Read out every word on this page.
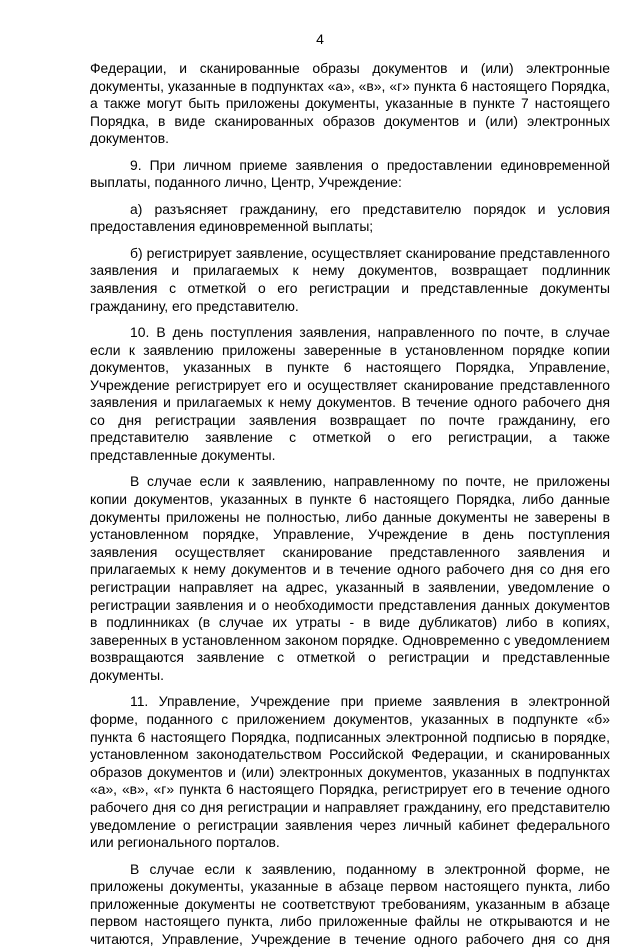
4

Федерации, и сканированные образы документов и (или) электронные документы, указанные в подпунктах «а», «в», «г» пункта 6 настоящего Порядка, а также могут быть приложены документы, указанные в пункте 7 настоящего Порядка, в виде сканированных образов документов и (или) электронных документов.

9. При личном приеме заявления о предоставлении единовременной выплаты, поданного лично, Центр, Учреждение:

а) разъясняет гражданину, его представителю порядок и условия предоставления единовременной выплаты;

б) регистрирует заявление, осуществляет сканирование представленного заявления и прилагаемых к нему документов, возвращает подлинник заявления с отметкой о его регистрации и представленные документы гражданину, его представителю.

10. В день поступления заявления, направленного по почте, в случае если к заявлению приложены заверенные в установленном порядке копии документов, указанных в пункте 6 настоящего Порядка, Управление, Учреждение регистрирует его и осуществляет сканирование представленного заявления и прилагаемых к нему документов. В течение одного рабочего дня со дня регистрации заявления возвращает по почте гражданину, его представителю заявление с отметкой о его регистрации, а также представленные документы.

В случае если к заявлению, направленному по почте, не приложены копии документов, указанных в пункте 6 настоящего Порядка, либо данные документы приложены не полностью, либо данные документы не заверены в установленном порядке, Управление, Учреждение в день поступления заявления осуществляет сканирование представленного заявления и прилагаемых к нему документов и в течение одного рабочего дня со дня его регистрации направляет на адрес, указанный в заявлении, уведомление о регистрации заявления и о необходимости представления данных документов в подлинниках (в случае их утраты - в виде дубликатов) либо в копиях, заверенных в установленном законом порядке. Одновременно с уведомлением возвращаются заявление с отметкой о регистрации и представленные документы.

11. Управление, Учреждение при приеме заявления в электронной форме, поданного с приложением документов, указанных в подпункте «б» пункта 6 настоящего Порядка, подписанных электронной подписью в порядке, установленном законодательством Российской Федерации, и сканированных образов документов и (или) электронных документов, указанных в подпунктах «а», «в», «г» пункта 6 настоящего Порядка, регистрирует его в течение одного рабочего дня со дня регистрации и направляет гражданину, его представителю уведомление о регистрации заявления через личный кабинет федерального или регионального порталов.

В случае если к заявлению, поданному в электронной форме, не приложены документы, указанные в абзаце первом настоящего пункта, либо приложенные документы не соответствуют требованиям, указанным в абзаце первом настоящего пункта, либо приложенные файлы не открываются и не читаются, Управление, Учреждение в течение одного рабочего дня со дня
